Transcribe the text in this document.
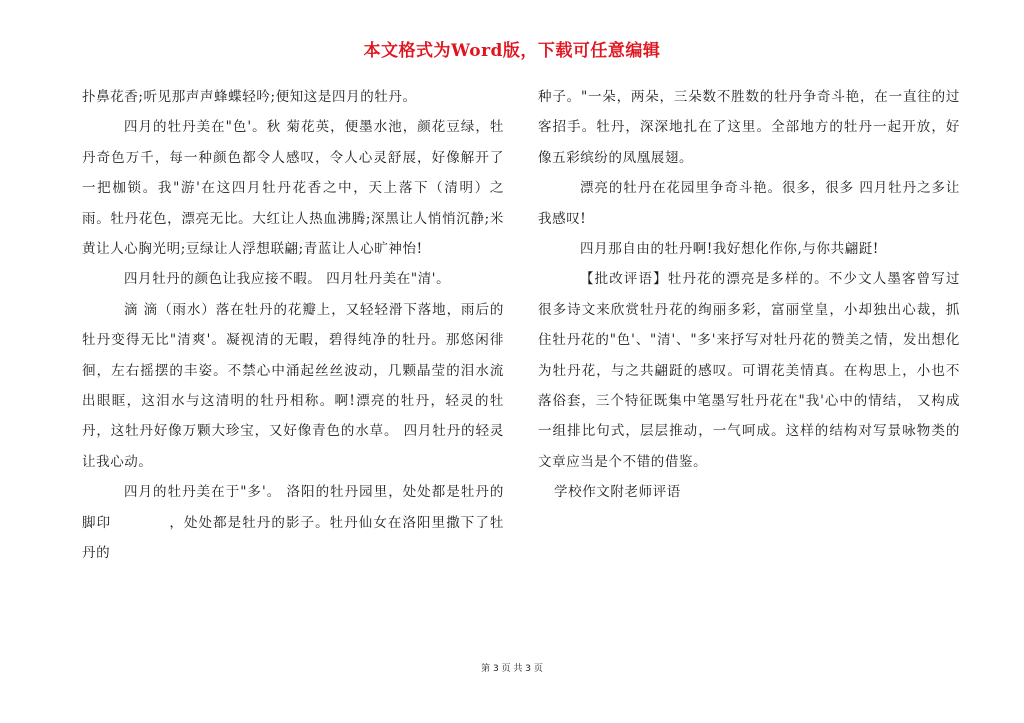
本文格式为Word版，下载可任意编辑

扑鼻花香;听见那声声蜂蝶轻吟;便知这是四月的牡丹。

四月的牡丹美在"色'。秋 菊花英，便墨水池，颜花豆绿，牡丹奇色万千，每一种颜色都令人感叹，令人心灵舒展，好像解开了一把枷锁。我"游'在这四月牡丹花香之中，天上落下（清明）之 雨。牡丹花色，漂亮无比。大红让人热血沸腾;深黑让人悄悄沉静;米黄让人心胸光明;豆绿让人浮想联翩;青蓝让人心旷神怡!

四月牡丹的颜色让我应接不暇。 四月牡丹美在"清'。

滴 滴（雨水）落在牡丹的花瓣上，又轻轻滑下落地，雨后的牡丹变得无比"清爽'。凝视清的无暇，碧得纯净的牡丹。那悠闲徘徊，左右摇摆的丰姿。不禁心中涌起丝丝波动，几颗晶莹的泪水流出眼眶，这泪水与这清明的牡丹相称。啊!漂亮的牡丹，轻灵的牡丹，这牡丹好像万颗大珍宝，又好像青色的水草。 四月牡丹的轻灵让我心动。

四月的牡丹美在于"多'。 洛阳的牡丹园里，处处都是牡丹的脚印　　　　，处处都是牡丹的影子。牡丹仙女在洛阳里撒下了牡丹的

种子。"一朵，两朵，三朵数不胜数的牡丹争奇斗艳，在一直往的过客招手。牡丹，深深地扎在了这里。全部地方的牡丹一起开放，好像五彩缤纷的凤凰展翅。

漂亮的牡丹在花园里争奇斗艳。很多，很多 四月牡丹之多让我感叹!

四月那自由的牡丹啊!我好想化作你,与你共翩跹!

【批改评语】牡丹花的漂亮是多样的。不少文人墨客曾写过很多诗文来欣赏牡丹花的绚丽多彩，富丽堂皇，小却独出心裁，抓住牡丹花的"色'、"清'、"多'来抒写对牡丹花的赞美之情，发出想化为牡丹花，与之共翩跹的感叹。可谓花美情真。在构思上，小也不落俗套，三个特征既集中笔墨写牡丹花在"我'心中的情结， 又构成一组排比句式，层层推动，一气呵成。这样的结构对写景咏物类的文章应当是个不错的借鉴。

学校作文附老师评语

第 3 页 共 3 页
